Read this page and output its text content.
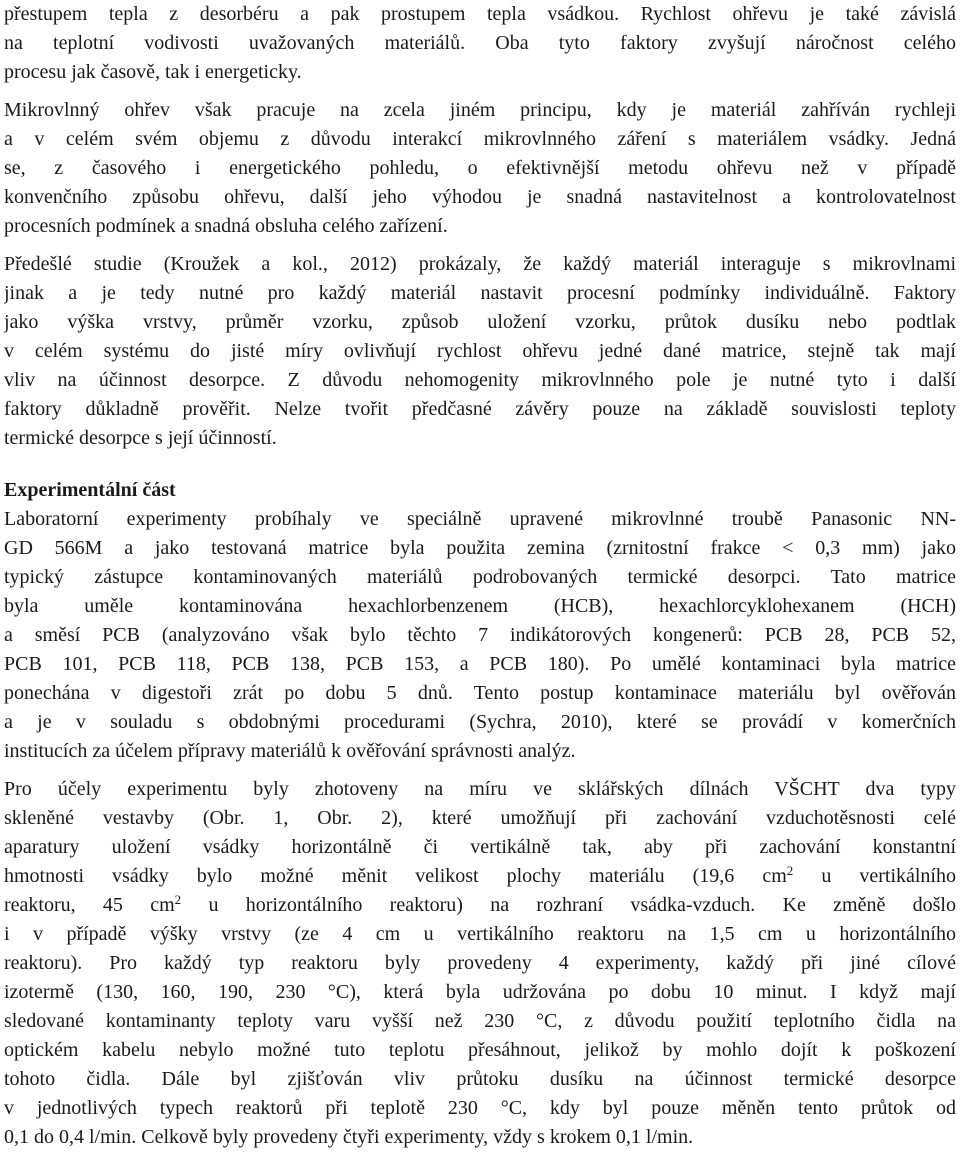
přestupem tepla z desorbéru a pak prostupem tepla vsádkou. Rychlost ohřevu je také závislá
na teplotní vodivosti uvažovaných materiálů. Oba tyto faktory zvyšují náročnost celého
procesu jak časově, tak i energeticky.
Mikrovlnný ohřev však pracuje na zcela jiném principu, kdy je materiál zahříván rychleji
a v celém svém objemu z důvodu interakcí mikrovlnného záření s materiálem vsádky. Jedná
se, z časového i energetického pohledu, o efektivnější metodu ohřevu než v případě
konvenčního způsobu ohřevu, další jeho výhodou je snadná nastavitelnost a kontrolovatelnost
procesních podmínek a snadná obsluha celého zařízení.
Předešlé studie (Kroužek a kol., 2012) prokázaly, že každý materiál interaguje s mikrovlnami
jinak a je tedy nutné pro každý materiál nastavit procesní podmínky individuálně. Faktory
jako výška vrstvy, průměr vzorku, způsob uložení vzorku, průtok dusíku nebo podtlak
v celém systému do jisté míry ovlivňují rychlost ohřevu jedné dané matrice, stejně tak mají
vliv na účinnost desorpce. Z důvodu nehomogenity mikrovlnného pole je nutné tyto i další
faktory důkladně prověřit. Nelze tvořit předčasné závěry pouze na základě souvislosti teploty
termické desorpce s její účinností.
Experimentální část
Laboratorní experimenty probíhaly ve speciálně upravené mikrovlnné troubě Panasonic NN-
GD 566M a jako testovaná matrice byla použita zemina (zrnitostní frakce < 0,3 mm) jako
typický zástupce kontaminovaných materiálů podrobovaných termické desorpci. Tato matrice
byla uměle kontaminována hexachlorbenzenem (HCB), hexachlorcyklohexanem (HCH)
a směsí PCB (analyzováno však bylo těchto 7 indikátorových kongenerů: PCB 28, PCB 52,
PCB 101, PCB 118, PCB 138, PCB 153, a PCB 180). Po umělé kontaminaci byla matrice
ponechána v digestoři zrát po dobu 5 dnů. Tento postup kontaminace materiálu byl ověřován
a je v souladu s obdobnými procedurami (Sychra, 2010), které se provádí v komerčních
institucích za účelem přípravy materiálů k ověřování správnosti analýz.
Pro účely experimentu byly zhotoveny na míru ve sklářských dílnách VŠCHT dva typy
skleněné vestavby (Obr. 1, Obr. 2), které umožňují při zachování vzduchotěsnosti celé
aparatury uložení vsádky horizontálně či vertikálně tak, aby při zachování konstantní
hmotnosti vsádky bylo možné měnit velikost plochy materiálu (19,6 $cm^2$ u vertikálního
reaktoru, 45 $cm^2$ u horizontálního reaktoru) na rozhraní vsádka-vzduch. Ke změně došlo
i v případě výšky vrstvy (ze 4 cm u vertikálního reaktoru na 1,5 cm u horizontálního
reaktoru). Pro každý typ reaktoru byly provedeny 4 experimenty, každý při jiné cílové
izotermě (130, 160, 190, 230 °C), která byla udržována po dobu 10 minut. I když mají
sledované kontaminanty teploty varu vyšší než 230 °C, z důvodu použití teplotního čidla na
optickém kabelu nebylo možné tuto teplotu přesáhnout, jelikož by mohlo dojít k poškození
tohoto čidla. Dále byl zjišťován vliv průtoku dusíku na účinnost termické desorpce
v jednotlivých typech reaktorů při teplotě 230 °C, kdy byl pouze měněn tento průtok od
0,1 do 0,4 l/min. Celkově byly provedeny čtyři experimenty, vždy s krokem 0,1 l/min.
